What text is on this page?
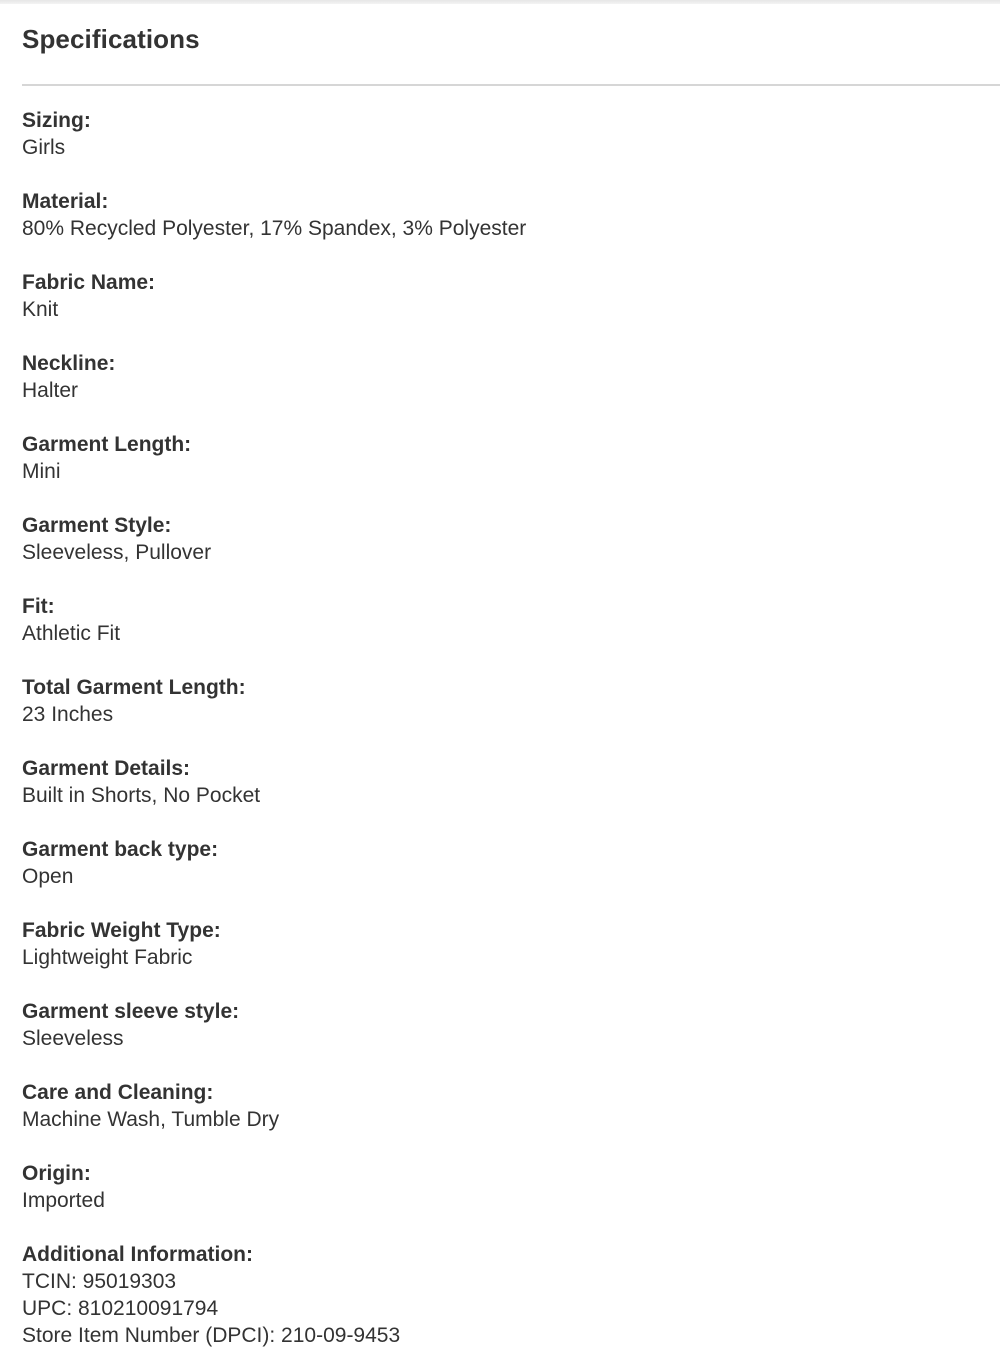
Specifications
Sizing:
Girls
Material:
80% Recycled Polyester, 17% Spandex, 3% Polyester
Fabric Name:
Knit
Neckline:
Halter
Garment Length:
Mini
Garment Style:
Sleeveless, Pullover
Fit:
Athletic Fit
Total Garment Length:
23 Inches
Garment Details:
Built in Shorts, No Pocket
Garment back type:
Open
Fabric Weight Type:
Lightweight Fabric
Garment sleeve style:
Sleeveless
Care and Cleaning:
Machine Wash, Tumble Dry
Origin:
Imported
Additional Information:
TCIN: 95019303
UPC: 810210091794
Store Item Number (DPCI): 210-09-9453
